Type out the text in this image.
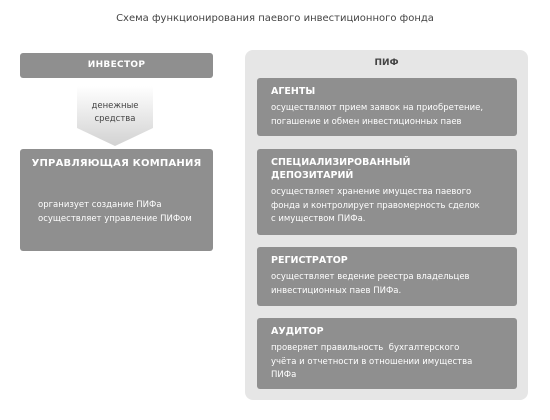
Схема функционирования паевого инвестиционного фонда
ИНВЕСТОР
денежные
средства
УПРАВЛЯЮЩАЯ КОМПАНИЯ
организует создание ПИФа
осуществляет управление ПИФом
ПИФ
АГЕНТЫ
осуществляют прием заявок на приобретение,
погашение и обмен инвестиционных паев
СПЕЦИАЛИЗИРОВАННЫЙ
ДЕПОЗИТАРИЙ
осуществляет хранение имущества паевого
фонда и контролирует правомерность сделок
с имуществом ПИФа.
РЕГИСТРАТОР
осуществляет ведение реестра владельцев
инвестиционных паев ПИФа.
АУДИТОР
проверяет правильность  бухгалтерского
учёта и отчетности в отношении имущества
ПИФа
